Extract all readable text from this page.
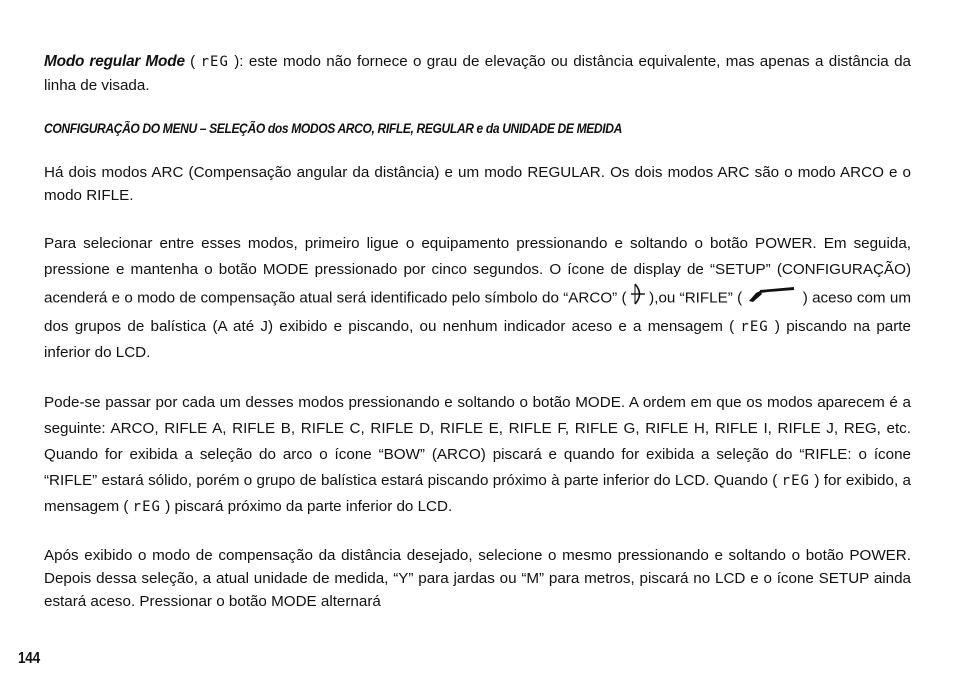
Modo regular Mode ( rEG ): este modo não fornece o grau de elevação ou distância equivalente, mas apenas a distância da linha de visada.

CONFIGURAÇÃO DO MENU – SELEÇÃO dos MODOS ARCO, RIFLE, REGULAR e da UNIDADE DE MEDIDA

Há dois modos ARC (Compensação angular da distância) e um modo REGULAR. Os dois modos ARC são o modo ARCO e o modo RIFLE.

Para selecionar entre esses modos, primeiro ligue o equipamento pressionando e soltando o botão POWER. Em seguida, pressione e mantenha o botão MODE pressionado por cinco segundos. O ícone de display de “SETUP” (CONFIGURAÇÃO) acenderá e o modo de compensação atual será identificado pelo símbolo do “ARCO” ( ),ou “RIFLE” (	) aceso com um dos grupos de balística (A até J) exibido e piscando, ou nenhum indicador aceso e a mensagem ( rEG ) piscando na parte inferior do LCD.

Pode-se passar por cada um desses modos pressionando e soltando o botão MODE. A ordem em que os modos aparecem é a seguinte: ARCO, RIFLE A, RIFLE B, RIFLE C, RIFLE D, RIFLE E, RIFLE F, RIFLE G, RIFLE H, RIFLE I, RIFLE J, REG, etc. Quando for exibida a seleção do arco o ícone “BOW” (ARCO) piscará e quando for exibida a seleção do “RIFLE: o ícone “RIFLE” estará sólido, porém o grupo de balística estará piscando próximo à parte inferior do LCD. Quando ( rEG ) for exibido, a mensagem ( rEG ) piscará próximo da parte inferior do LCD.

Após exibido o modo de compensação da distância desejado, selecione o mesmo pressionando e soltando o botão POWER. Depois dessa seleção, a atual unidade de medida, “Y” para jardas ou “M” para metros, piscará no LCD e o ícone SETUP ainda estará aceso. Pressionar o botão MODE alternará

144
